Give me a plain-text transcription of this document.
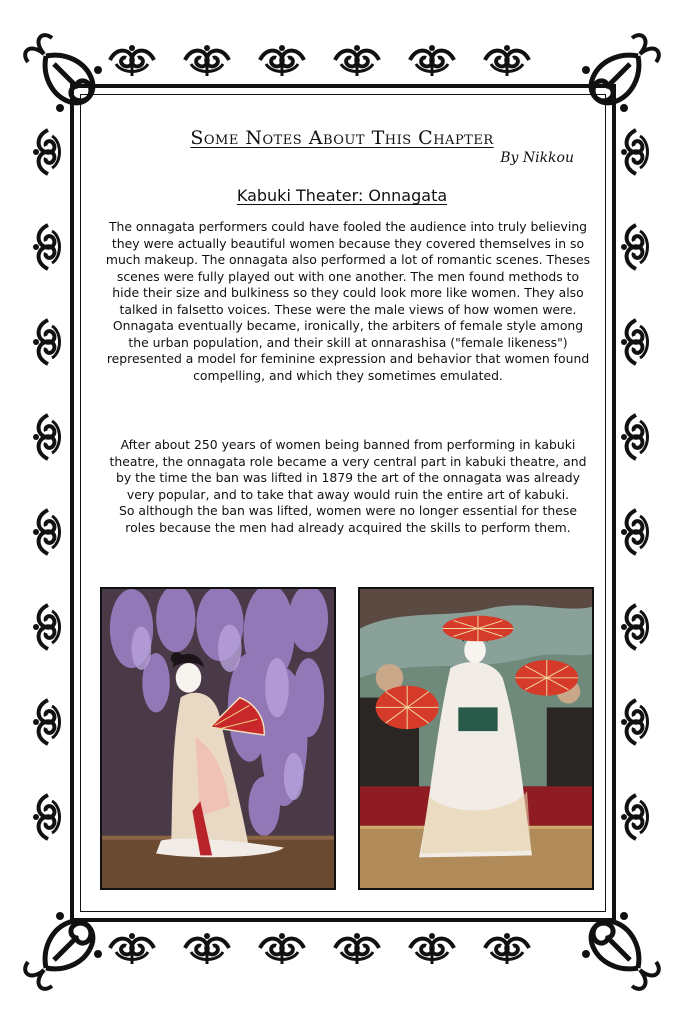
Some Notes About This Chapter
By Nikkou
Kabuki Theater: Onnagata
The onnagata performers could have fooled the audience into truly believing they were actually beautiful women because they covered themselves in so much makeup. The onnagata also performed a lot of romantic scenes. Theses scenes were fully played out with one another. The men found methods to hide their size and bulkiness so they could look more like women. They also talked in falsetto voices. These were the male views of how women were. Onnagata eventually became, ironically, the arbiters of female style among the urban population, and their skill at onnarashisa ("female likeness") represented a model for feminine expression and behavior that women found compelling, and which they sometimes emulated.
After about 250 years of women being banned from performing in kabuki theatre, the onnagata role became a very central part in kabuki theatre, and by the time the ban was lifted in 1879 the art of the onnagata was already very popular, and to take that away would ruin the entire art of kabuki.
So although the ban was lifted, women were no longer essential for these roles because the men had already acquired the skills to perform them.
